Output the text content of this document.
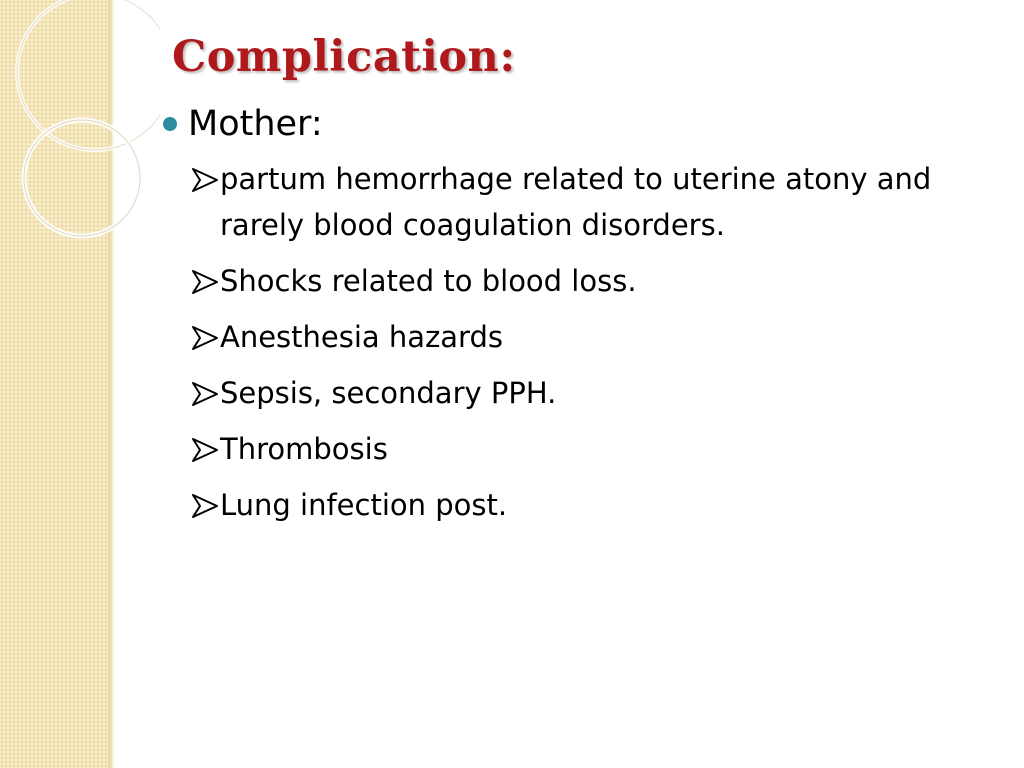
Complication:
Mother:
partum hemorrhage related to uterine atony and rarely blood coagulation disorders.
Shocks related to blood loss.
Anesthesia hazards
Sepsis, secondary PPH.
Thrombosis
Lung infection post.
